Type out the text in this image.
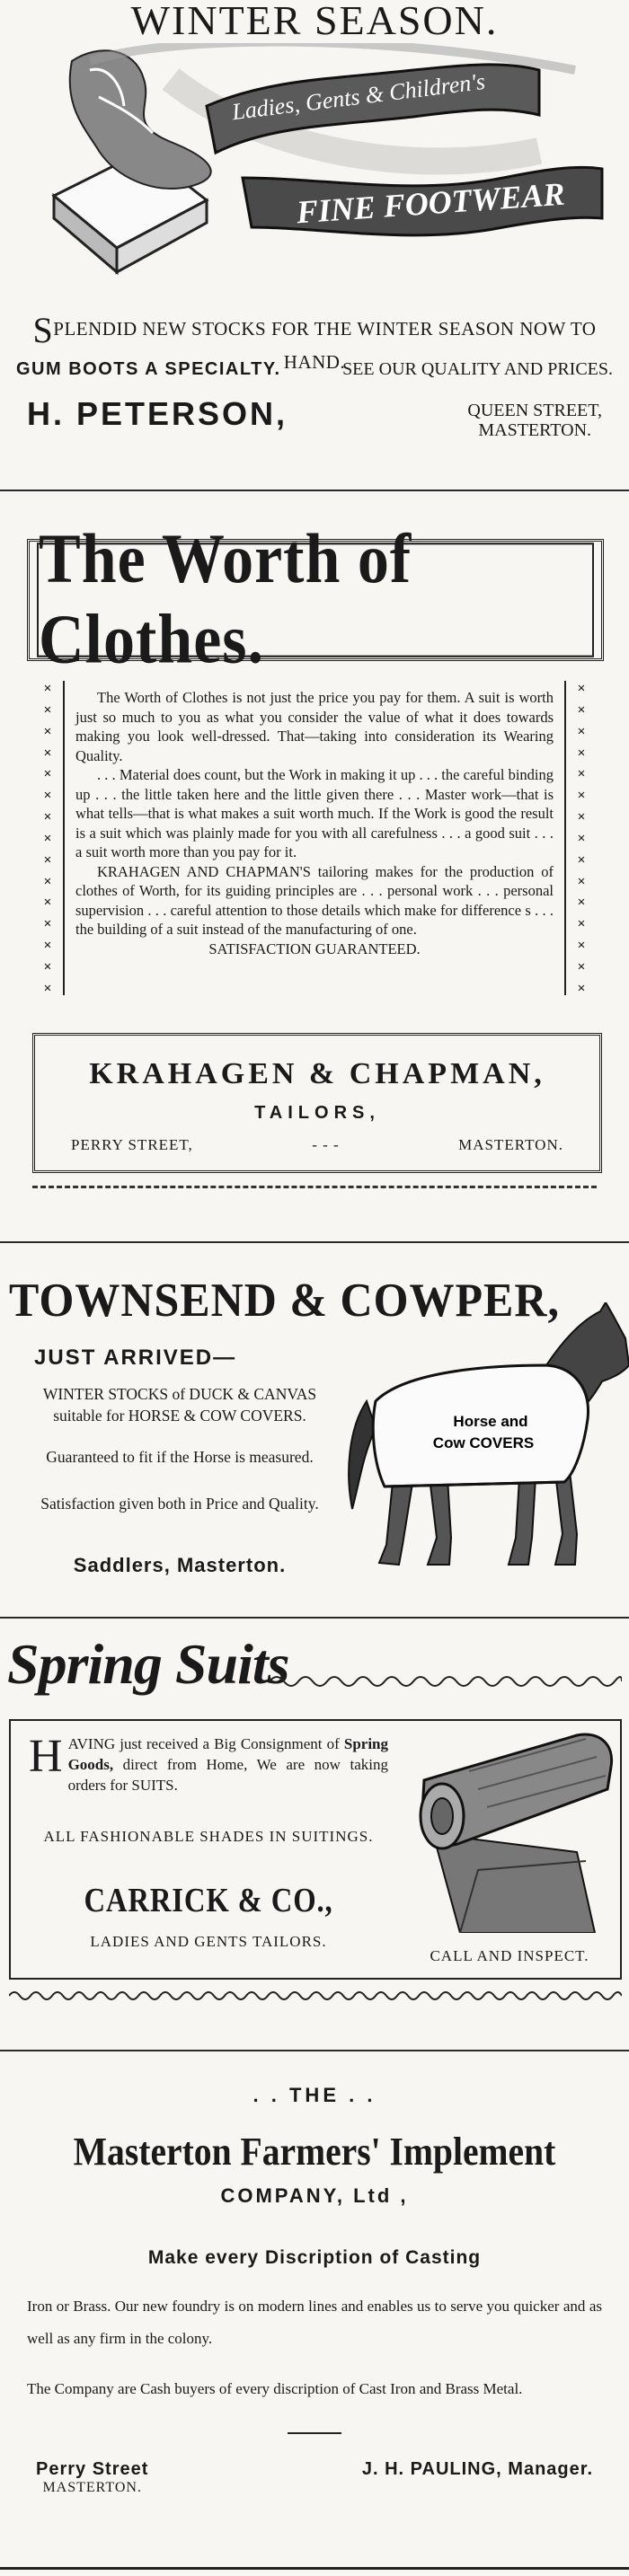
WINTER SEASON.
Ladies, Gents & Children's
FINE FOOTWEAR
SPLENDID NEW STOCKS FOR THE WINTER SEASON NOW TO HAND.
GUM BOOTS A SPECIALTY.	SEE OUR QUALITY AND PRICES.
H. PETERSON,	QUEEN STREET,
MASTERTON.
The Worth of Clothes.
✕
✕
✕
✕
✕
✕
✕
✕
✕
✕
✕
✕
✕
✕
✕

The Worth of Clothes is not just the price you pay for them. A suit is worth just so much to you as what you consider the value of what it does towards making you look well-dressed. That—taking into consideration its Wearing Quality.

. . . Material does count, but the Work in making it up . . . the careful binding up . . . the little taken here and the little given there . . . Master work—that is what tells—that is what makes a suit worth much. If the Work is good the result is a suit which was plainly made for you with all carefulness . . . a good suit . . . a suit worth more than you pay for it.

KRAHAGEN AND CHAPMAN'S tailoring makes for the production of clothes of Worth, for its guiding principles are . . . personal work . . . personal supervision . . . careful attention to those details which make for difference s . . . the building of a suit instead of the manufacturing of one.

SATISFACTION GUARANTEED.

✕
✕
✕
✕
✕
✕
✕
✕
✕
✕
✕
✕
✕
✕
✕
KRAHAGEN & CHAPMAN,
TAILORS,
PERRY STREET,	- - -	MASTERTON.
TOWNSEND & COWPER,
JUST ARRIVED—
WINTER STOCKS of DUCK & CANVAS suitable for HORSE & COW COVERS.
Guaranteed to fit if the Horse is measured.
Satisfaction given both in Price and Quality.
Saddlers, Masterton.
Horse and
Cow COVERS
Spring Suits
HAVING just received a Big Consignment of Spring Goods, direct from Home, We are now taking orders for SUITS.
ALL FASHIONABLE SHADES IN SUITINGS.
CARRICK & CO.,
LADIES AND GENTS TAILORS.
CALL AND INSPECT.
. . THE . .
Masterton Farmers' Implement
COMPANY, Ltd ,
Make every Discription of Casting

Iron or Brass. Our new foundry is on modern lines and enables us to serve you quicker and as well as any firm in the colony.

The Company are Cash buyers of every discription of Cast Iron and Brass Metal.
Perry Street
MASTERTON.
J. H. PAULING, Manager.
